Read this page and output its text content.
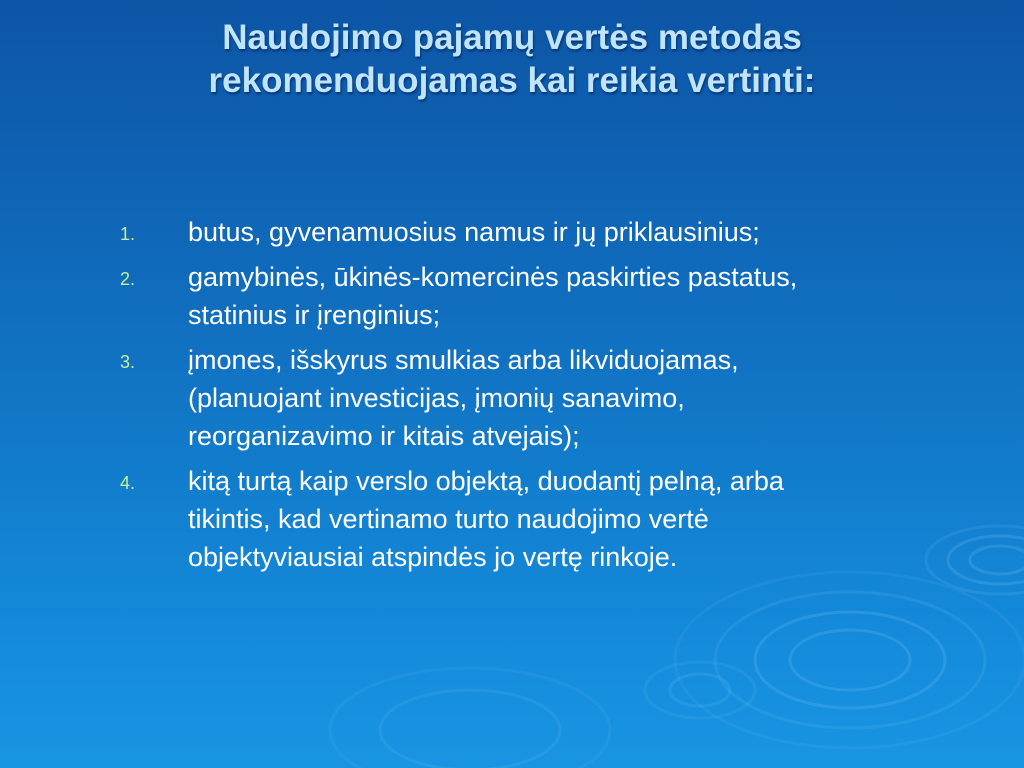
Naudojimo pajamų vertės metodas
rekomenduojamas kai reikia vertinti:
1. butus, gyvenamuosius namus ir jų priklausinius;
2. gamybinės, ūkinės-komercinės paskirties pastatus,
statinius ir įrenginius;
3. įmones, išskyrus smulkias arba likviduojamas,
(planuojant investicijas, įmonių sanavimo,
reorganizavimo ir kitais atvejais);
4. kitą turtą kaip verslo objektą, duodantį pelną, arba
tikintis, kad vertinamo turto naudojimo vertė
objektyviausiai atspindės jo vertę rinkoje.
